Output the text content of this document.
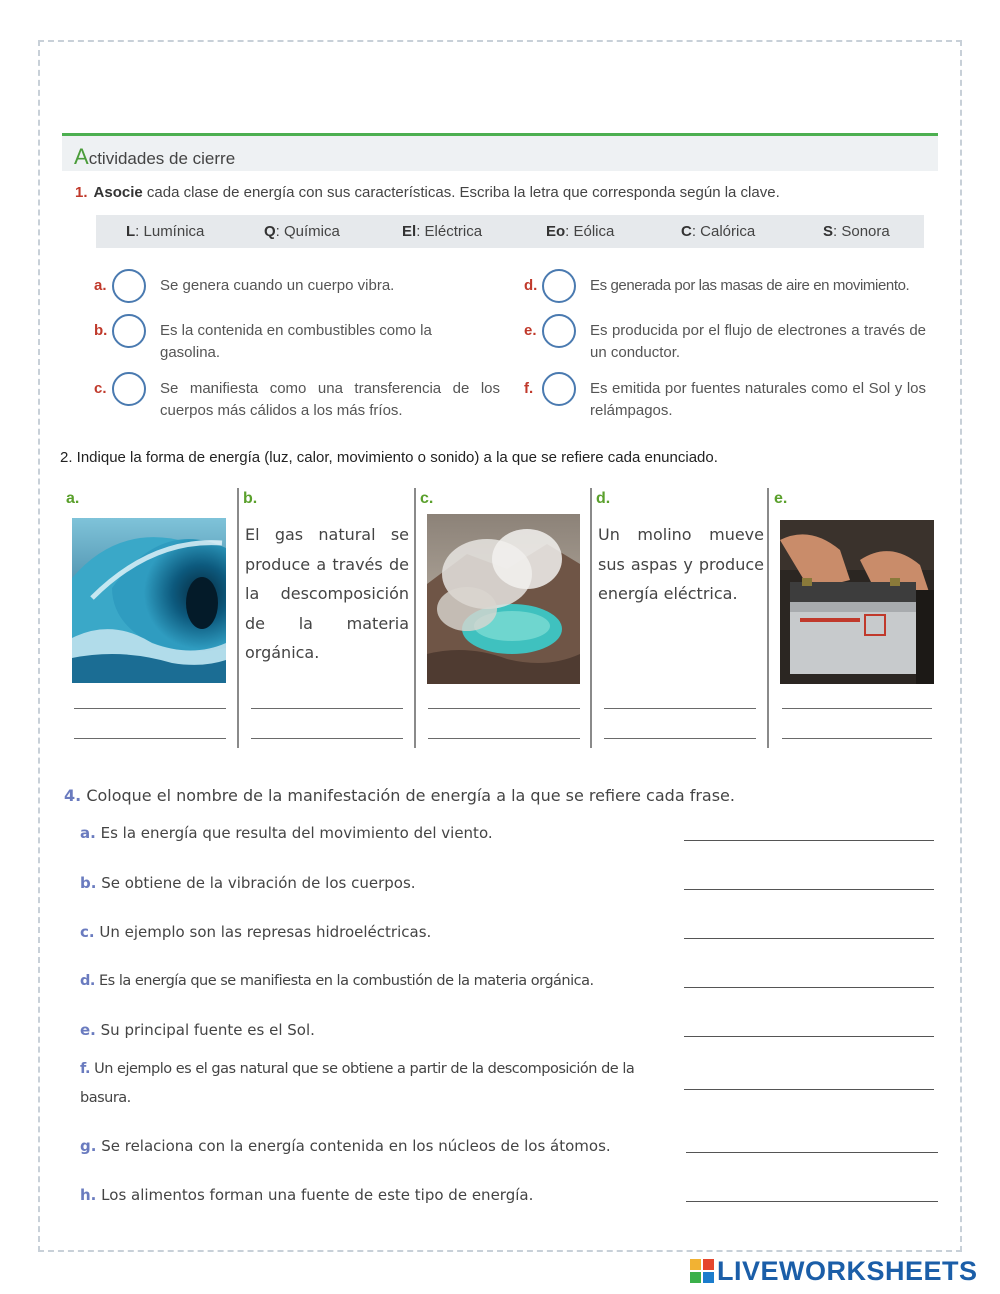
Actividades de cierre
1. Asocie cada clase de energía con sus características. Escriba la letra que corresponda según la clave.
L: Lumínica	Q: Química	El: Eléctrica	Eo: Eólica	C: Calórica	S: Sonora
a.	Se genera cuando un cuerpo vibra.
b.	Es la contenida en combustibles como la gasolina.
c.	Se manifiesta como una transferencia de los cuerpos más cálidos a los más fríos.
d.	Es generada por las masas de aire en movimiento.
e.	Es producida por el flujo de electrones a través de un conductor.
f.	Es emitida por fuentes naturales como el Sol y los relámpagos.
2. Indique la forma de energía (luz, calor, movimiento o sonido) a la que se refiere cada enunciado.
a.	b.
El gas natural se produce a través de la descomposición de la materia orgánica.
c.	d.
Un molino mueve sus aspas y produce energía eléctrica.
e.
4. Coloque el nombre de la manifestación de energía a la que se refiere cada frase.
a. Es la energía que resulta del movimiento del viento.
b. Se obtiene de la vibración de los cuerpos.
c. Un ejemplo son las represas hidroeléctricas.
d. Es la energía que se manifiesta en la combustión de la materia orgánica.
e. Su principal fuente es el Sol.
f. Un ejemplo es el gas natural que se obtiene a partir de la descomposición de la basura.
g. Se relaciona con la energía contenida en los núcleos de los átomos.
h. Los alimentos forman una fuente de este tipo de energía.
LIVEWORKSHEETS
